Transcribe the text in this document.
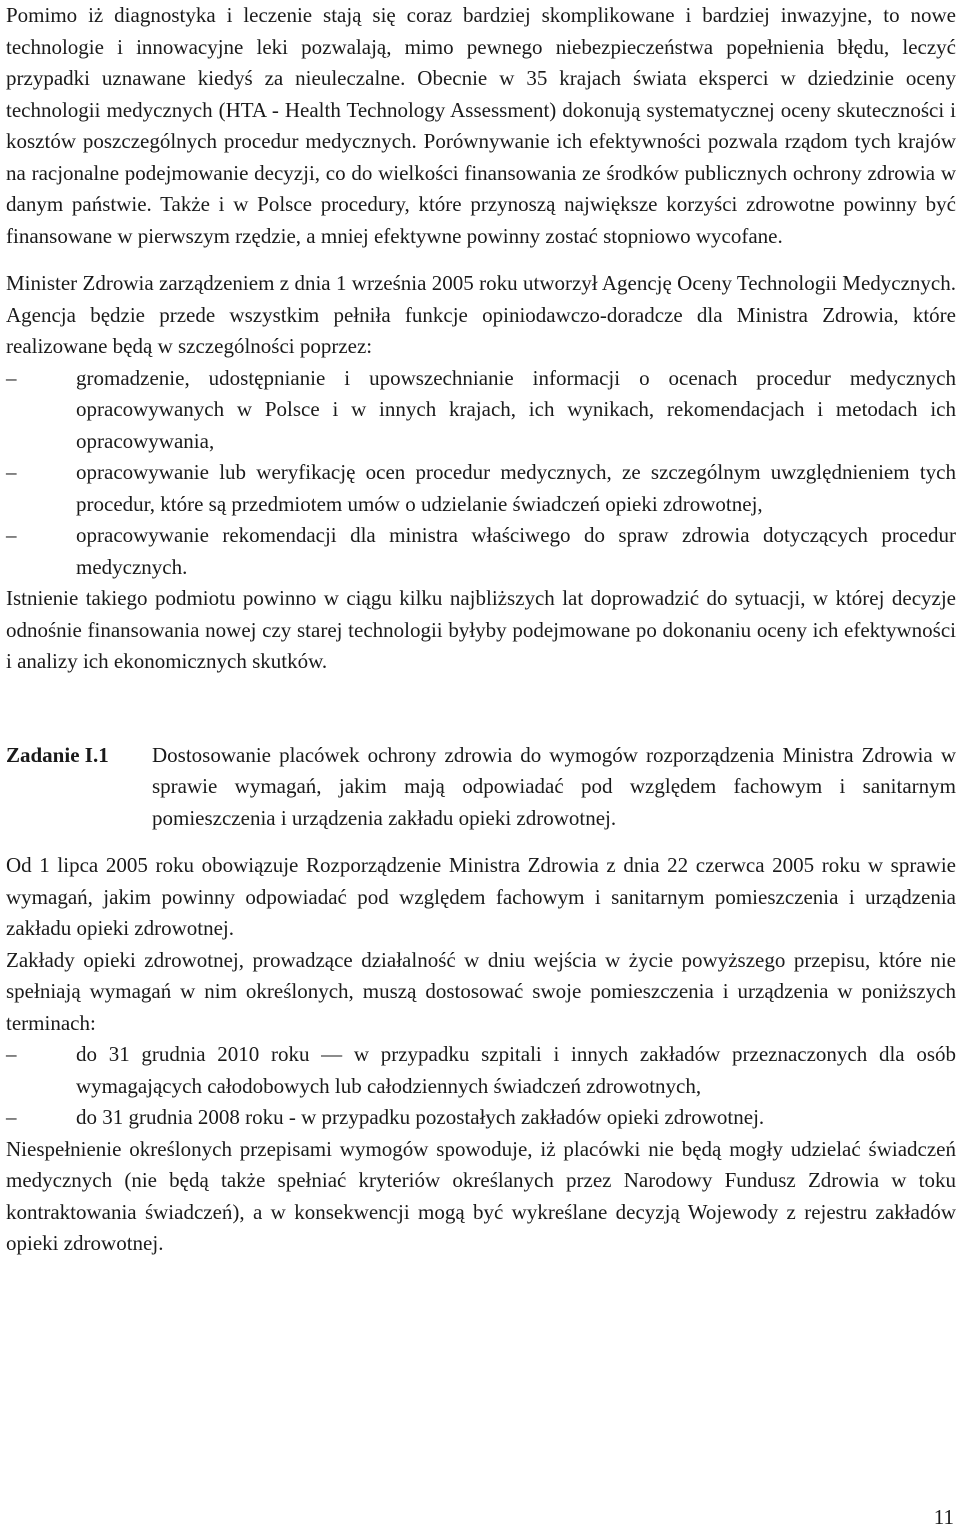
Pomimo iż diagnostyka i leczenie stają się coraz bardziej skomplikowane i bardziej inwazyjne, to nowe technologie i innowacyjne leki pozwalają, mimo pewnego niebezpieczeństwa popełnienia błędu, leczyć przypadki uznawane kiedyś za nieuleczalne. Obecnie w 35 krajach świata eksperci w dziedzinie oceny technologii medycznych (HTA - Health Technology Assessment) dokonują systematycznej oceny skuteczności i kosztów poszczególnych procedur medycznych. Porównywanie ich efektywności pozwala rządom tych krajów na racjonalne podejmowanie decyzji, co do wielkości finansowania ze środków publicznych ochrony zdrowia w danym państwie. Także i w Polsce procedury, które przynoszą największe korzyści zdrowotne powinny być finansowane w pierwszym rzędzie, a mniej efektywne powinny zostać stopniowo wycofane.

Minister Zdrowia zarządzeniem z dnia 1 września 2005 roku utworzył Agencję Oceny Technologii Medycznych. Agencja będzie przede wszystkim pełniła funkcje opiniodawczo-doradcze dla Ministra Zdrowia, które realizowane będą w szczególności poprzez:

–	gromadzenie, udostępnianie i upowszechnianie informacji o ocenach procedur medycznych opracowywanych w Polsce i w innych krajach, ich wynikach, rekomendacjach i metodach ich opracowywania,
–	opracowywanie lub weryfikację ocen procedur medycznych, ze szczególnym uwzględnieniem tych procedur, które są przedmiotem umów o udzielanie świadczeń opieki zdrowotnej,
–	opracowywanie rekomendacji dla ministra właściwego do spraw zdrowia dotyczących procedur medycznych.

Istnienie takiego podmiotu powinno w ciągu kilku najbliższych lat doprowadzić do sytuacji, w której decyzje odnośnie finansowania nowej czy starej technologii byłyby podejmowane po dokonaniu oceny ich efektywności i analizy ich ekonomicznych skutków.

Zadanie I.1	Dostosowanie placówek ochrony zdrowia do wymogów rozporządzenia Ministra Zdrowia w sprawie wymagań, jakim mają odpowiadać pod względem fachowym i sanitarnym pomieszczenia i urządzenia zakładu opieki zdrowotnej.

Od 1 lipca 2005 roku obowiązuje Rozporządzenie Ministra Zdrowia z dnia 22 czerwca 2005 roku w sprawie wymagań, jakim powinny odpowiadać pod względem fachowym i sanitarnym pomieszczenia i urządzenia zakładu opieki zdrowotnej.

Zakłady opieki zdrowotnej, prowadzące działalność w dniu wejścia w życie powyższego przepisu, które nie spełniają wymagań w nim określonych, muszą dostosować swoje pomieszczenia i urządzenia w poniższych terminach:

–	do 31 grudnia 2010 roku — w przypadku szpitali i innych zakładów przeznaczonych dla osób wymagających całodobowych lub całodziennych świadczeń zdrowotnych,
–	do 31 grudnia 2008 roku - w przypadku pozostałych zakładów opieki zdrowotnej.

Niespełnienie określonych przepisami wymogów spowoduje, iż placówki nie będą mogły udzielać świadczeń medycznych (nie będą także spełniać kryteriów określanych przez Narodowy Fundusz Zdrowia w toku kontraktowania świadczeń), a w konsekwencji mogą być wykreślane decyzją Wojewody z rejestru zakładów opieki zdrowotnej.

11
